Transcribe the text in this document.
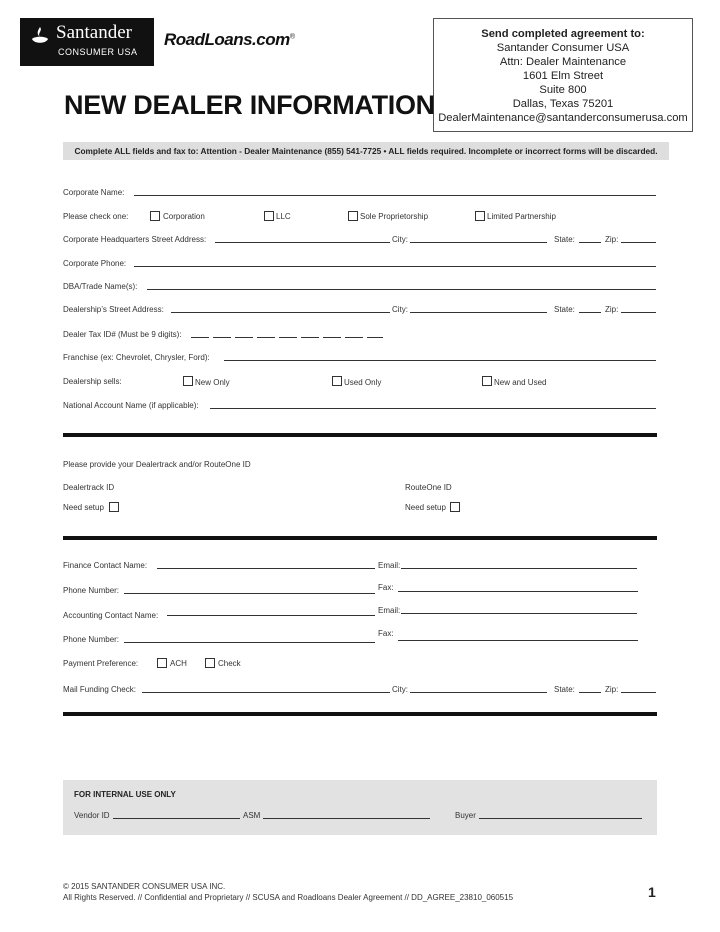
Santander
CONSUMER USA
RoadLoans.com®	Send completed agreement to:
Santander Consumer USA
Attn: Dealer Maintenance
1601 Elm Street
Suite 800
Dallas, Texas 75201
DealerMaintenance@santanderconsumerusa.com
NEW DEALER INFORMATION
Complete ALL fields and fax to: Attention - Dealer Maintenance (855) 541-7725 • ALL fields required. Incomplete or incorrect forms will be discarded.
Corporate Name:
Please check one:	Corporation	LLC	Sole Proprietorship	Limited Partnership
Corporate Headquarters Street Address:	City:	State:	Zip:
Corporate Phone:
DBA/Trade Name(s):
Dealership’s Street Address:	City:	State:	Zip:
Dealer Tax ID# (Must be 9 digits):
Franchise (ex: Chevrolet, Chrysler, Ford):
Dealership sells:	New Only	Used Only	New and Used
National Account Name (if applicable):
Please provide your Dealertrack and/or RouteOne ID
Dealertrack ID	RouteOne ID
Need setup	Need setup
Finance Contact Name:	Email:
Phone Number:	Fax:
Accounting Contact Name:
Email:
Phone Number:
Fax:
Payment Preference:	ACH	Check
Mail Funding Check:	City:	State:	Zip:
FOR INTERNAL USE ONLY
Vendor ID	ASM	Buyer
© 2015 SANTANDER CONSUMER USA INC.
All Rights Reserved. // Confidential and Proprietary // SCUSA and Roadloans Dealer Agreement // DD_AGREE_23810_060515	1
